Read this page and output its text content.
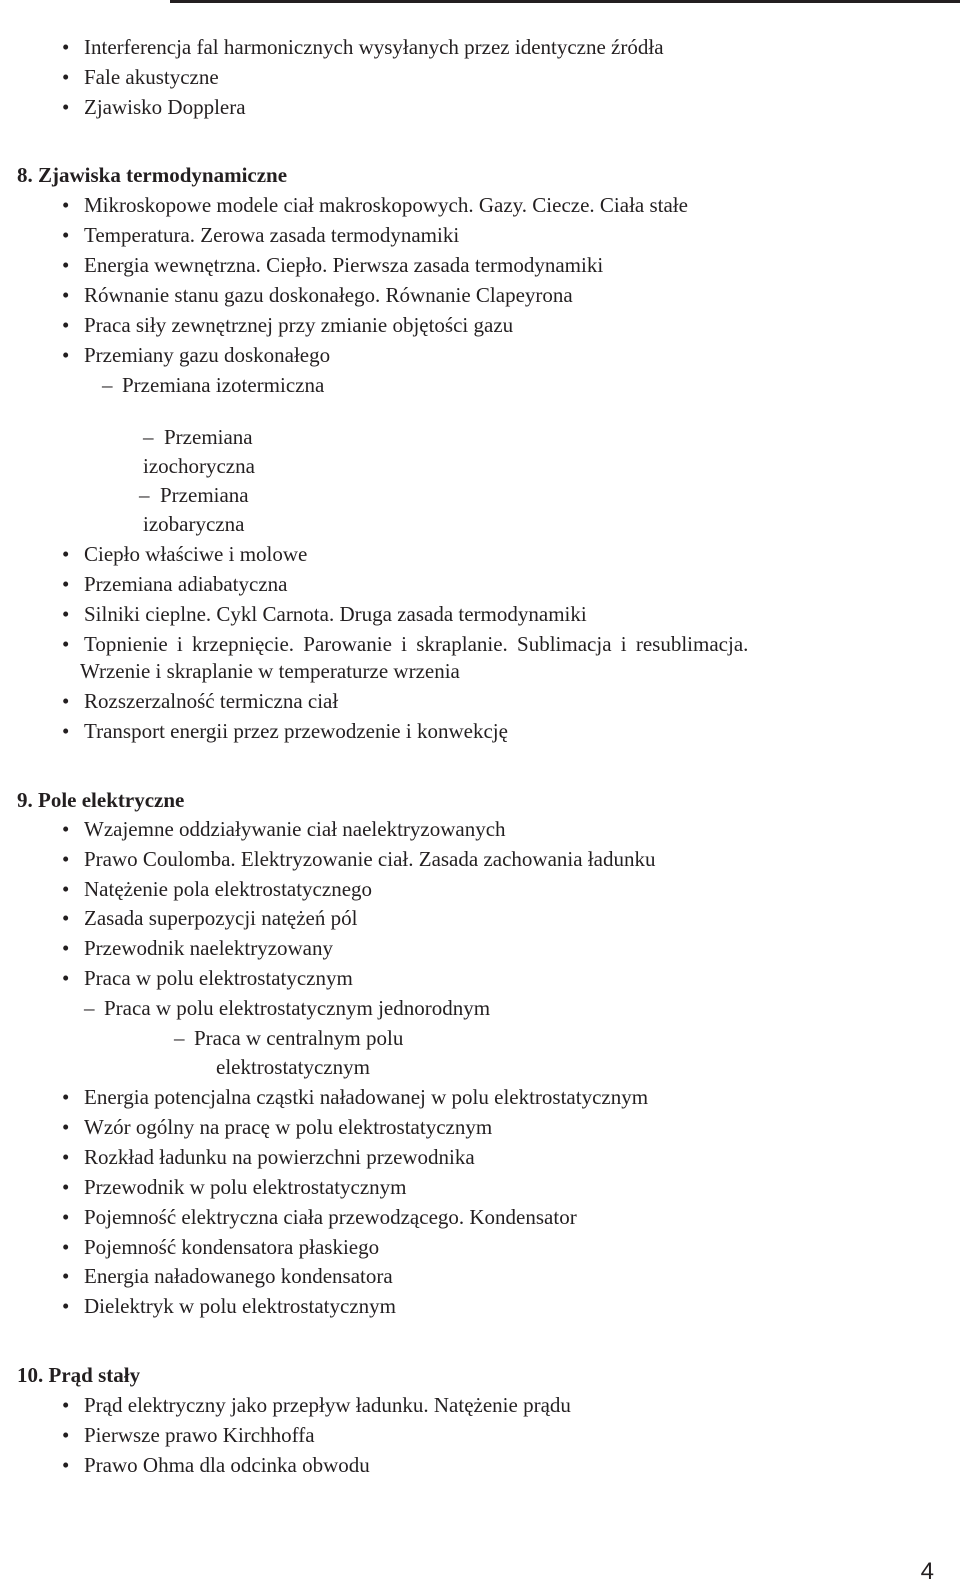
• Interferencja fal harmonicznych wysyłanych przez identyczne źródła
• Fale akustyczne
• Zjawisko Dopplera
8. Zjawiska termodynamiczne
• Mikroskopowe modele ciał makroskopowych. Gazy. Ciecze. Ciała stałe
• Temperatura. Zerowa zasada termodynamiki
• Energia wewnętrzna. Ciepło. Pierwsza zasada termodynamiki
• Równanie stanu gazu doskonałego. Równanie Clapeyrona
• Praca siły zewnętrznej przy zmianie objętości gazu
• Przemiany gazu doskonałego
– Przemiana izotermiczna
– Przemiana
izochoryczna
– Przemiana
izobaryczna
• Ciepło właściwe i molowe
• Przemiana adiabatyczna
• Silniki cieplne. Cykl Carnota. Druga zasada termodynamiki
• Topnienie i krzepnięcie. Parowanie i skraplanie. Sublimacja i resublimacja.
Wrzenie i skraplanie w temperaturze wrzenia
• Rozszerzalność termiczna ciał
• Transport energii przez przewodzenie i konwekcję
9. Pole elektryczne
• Wzajemne oddziaływanie ciał naelektryzowanych
• Prawo Coulomba. Elektryzowanie ciał. Zasada zachowania ładunku
• Natężenie pola elektrostatycznego
• Zasada superpozycji natężeń pól
• Przewodnik naelektryzowany
• Praca w polu elektrostatycznym
– Praca w polu elektrostatycznym jednorodnym
– Praca w centralnym polu
elektrostatycznym
• Energia potencjalna cząstki naładowanej w polu elektrostatycznym
• Wzór ogólny na pracę w polu elektrostatycznym
• Rozkład ładunku na powierzchni przewodnika
• Przewodnik w polu elektrostatycznym
• Pojemność elektryczna ciała przewodzącego. Kondensator
• Pojemność kondensatora płaskiego
• Energia naładowanego kondensatora
• Dielektryk w polu elektrostatycznym
10. Prąd stały
• Prąd elektryczny jako przepływ ładunku. Natężenie prądu
• Pierwsze prawo Kirchhoffa
• Prawo Ohma dla odcinka obwodu
4
